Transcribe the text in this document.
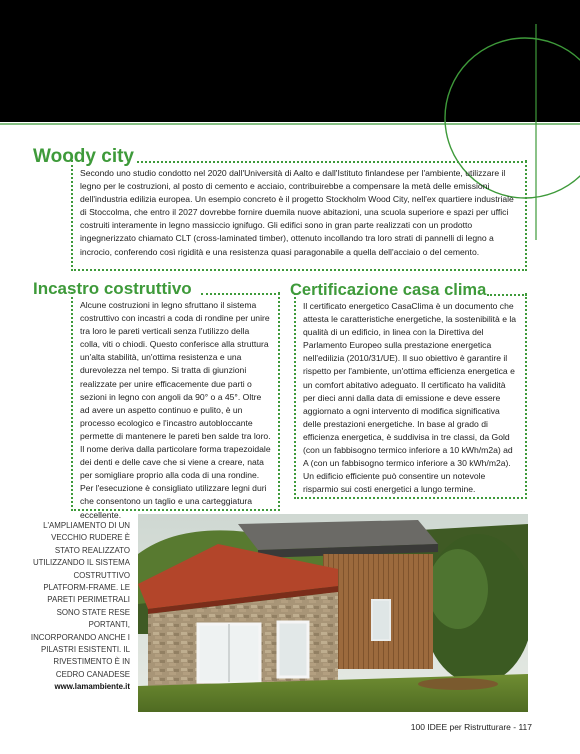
Woody city
Secondo uno studio condotto nel 2020 dall'Università di Aalto e dall'Istituto finlandese per l'ambiente, utilizzare il legno per le costruzioni, al posto di cemento e acciaio, contribuirebbe a compensare la metà delle emissioni dell'industria edilizia europea. Un esempio concreto è il progetto Stockholm Wood City, nell'ex quartiere industriale di Stoccolma, che entro il 2027 dovrebbe fornire duemila nuove abitazioni, una scuola superiore e spazi per uffici costruiti interamente in legno massiccio ignifugo. Gli edifici sono in gran parte realizzati con un prodotto ingegnerizzato chiamato CLT (cross-laminated timber), ottenuto incollando tra loro strati di pannelli di legno a incrocio, conferendo così rigidità e una resistenza quasi paragonabile a quella dell'acciaio o del cemento.
Incastro costruttivo
Alcune costruzioni in legno sfruttano il sistema costruttivo con incastri a coda di rondine per unire tra loro le pareti verticali senza l'utilizzo della colla, viti o chiodi. Questo conferisce alla struttura un'alta stabilità, un'ottima resistenza e una durevolezza nel tempo. Si tratta di giunzioni realizzate per unire efficacemente due parti o sezioni in legno con angoli da 90° o a 45°. Oltre ad avere un aspetto continuo e pulito, è un processo ecologico e l'incastro autobloccante permette di mantenere le pareti ben salde tra loro. Il nome deriva dalla particolare forma trapezoidale dei denti e delle cave che si viene a creare, nata per somigliare proprio alla coda di una rondine. Per l'esecuzione è consigliato utilizzare legni duri che consentono un taglio e una carteggiatura eccellente.
Certificazione casa clima
Il certificato energetico CasaClima è un documento che attesta le caratteristiche energetiche, la sostenibilità e la qualità di un edificio, in linea con la Direttiva del Parlamento Europeo sulla prestazione energetica nell'edilizia (2010/31/UE). Il suo obiettivo è garantire il rispetto per l'ambiente, un'ottima efficienza energetica e un comfort abitativo adeguato. Il certificato ha validità per dieci anni dalla data di emissione e deve essere aggiornato a ogni intervento di modifica significativa delle prestazioni energetiche. In base al grado di efficienza energetica, è suddivisa in tre classi, da Gold (con un fabbisogno termico inferiore a 10 kWh/m2a) ad A (con un fabbisogno termico inferiore a 30 kWh/m2a). Un edificio efficiente può consentire un notevole risparmio sui costi energetici a lungo termine.
L'AMPLIAMENTO DI UN VECCHIO RUDERE È STATO REALIZZATO UTILIZZANDO IL SISTEMA COSTRUTTIVO PLATFORM-FRAME. LE PARETI PERIMETRALI SONO STATE RESE PORTANTI, INCORPORANDO ANCHE I PILASTRI ESISTENTI. IL RIVESTIMENTO È IN CEDRO CANADESE
www.lamambiente.it
100 IDEE per Ristrutturare - 117
